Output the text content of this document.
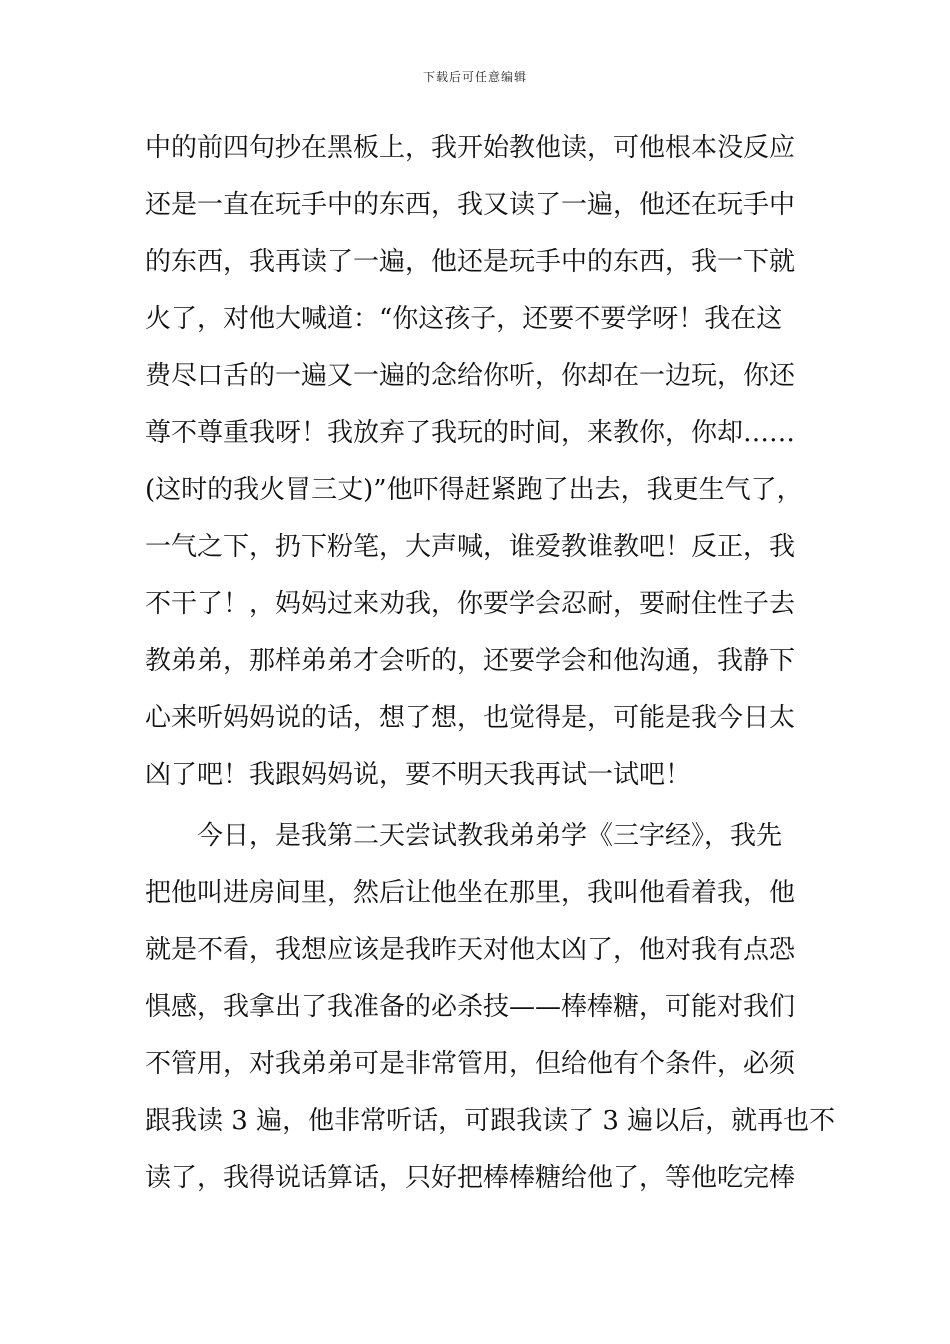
下载后可任意编辑
中的前四句抄在黑板上，我开始教他读，可他根本没反应
还是一直在玩手中的东西，我又读了一遍，他还在玩手中
的东西，我再读了一遍，他还是玩手中的东西，我一下就
火了，对他大喊道：“你这孩子，还要不要学呀！我在这
费尽口舌的一遍又一遍的念给你听，你却在一边玩，你还
尊不尊重我呀！我放弃了我玩的时间，来教你，你却……
(这时的我火冒三丈)”他吓得赶紧跑了出去，我更生气了，
一气之下，扔下粉笔，大声喊，谁爱教谁教吧！反正，我
不干了！，妈妈过来劝我，你要学会忍耐，要耐住性子去
教弟弟，那样弟弟才会听的，还要学会和他沟通，我静下
心来听妈妈说的话，想了想，也觉得是，可能是我今日太
凶了吧！我跟妈妈说，要不明天我再试一试吧！
　　今日，是我第二天尝试教我弟弟学《三字经》，我先
把他叫进房间里，然后让他坐在那里，我叫他看着我，他
就是不看，我想应该是我昨天对他太凶了，他对我有点恐
惧感，我拿出了我准备的必杀技——棒棒糖，可能对我们
不管用，对我弟弟可是非常管用，但给他有个条件，必须
跟我读 3 遍，他非常听话，可跟我读了 3 遍以后，就再也不
读了，我得说话算话，只好把棒棒糖给他了，等他吃完棒
